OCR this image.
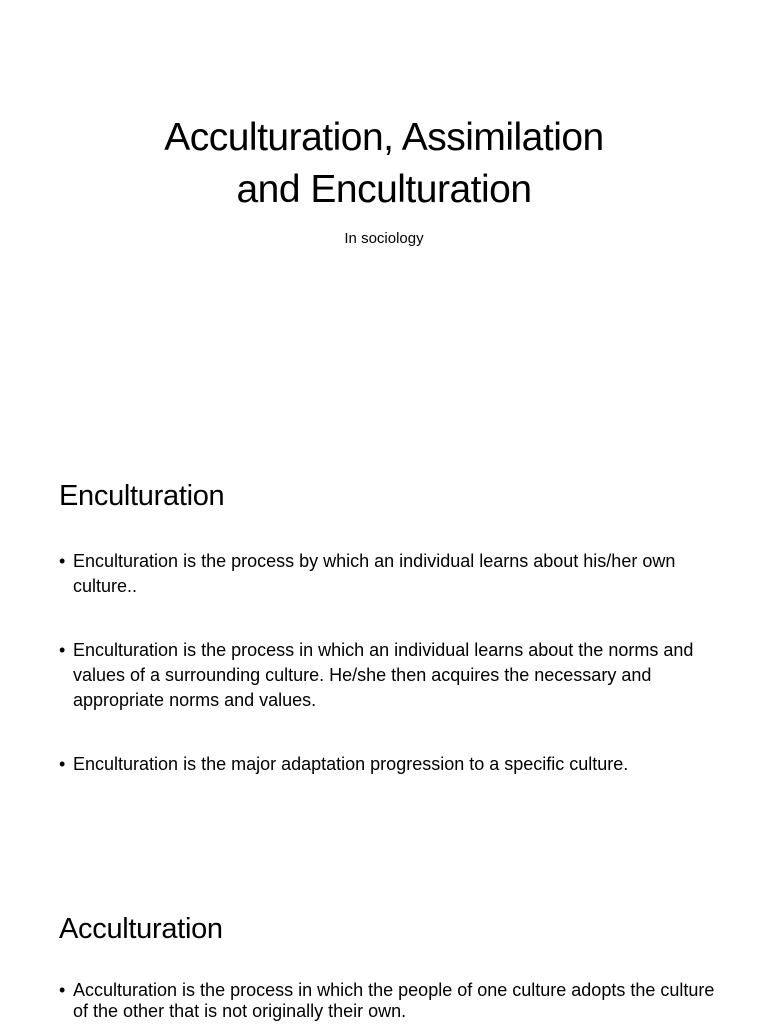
Acculturation, Assimilation
and Enculturation
In sociology
Enculturation
• Enculturation is the process by which an individual learns about his/her own culture..
• Enculturation is the process in which an individual learns about the norms and values of a surrounding culture. He/she then acquires the necessary and appropriate norms and values.
• Enculturation is the major adaptation progression to a specific culture.
Acculturation
• Acculturation is the process in which the people of one culture adopts the culture of the other that is not originally their own.
